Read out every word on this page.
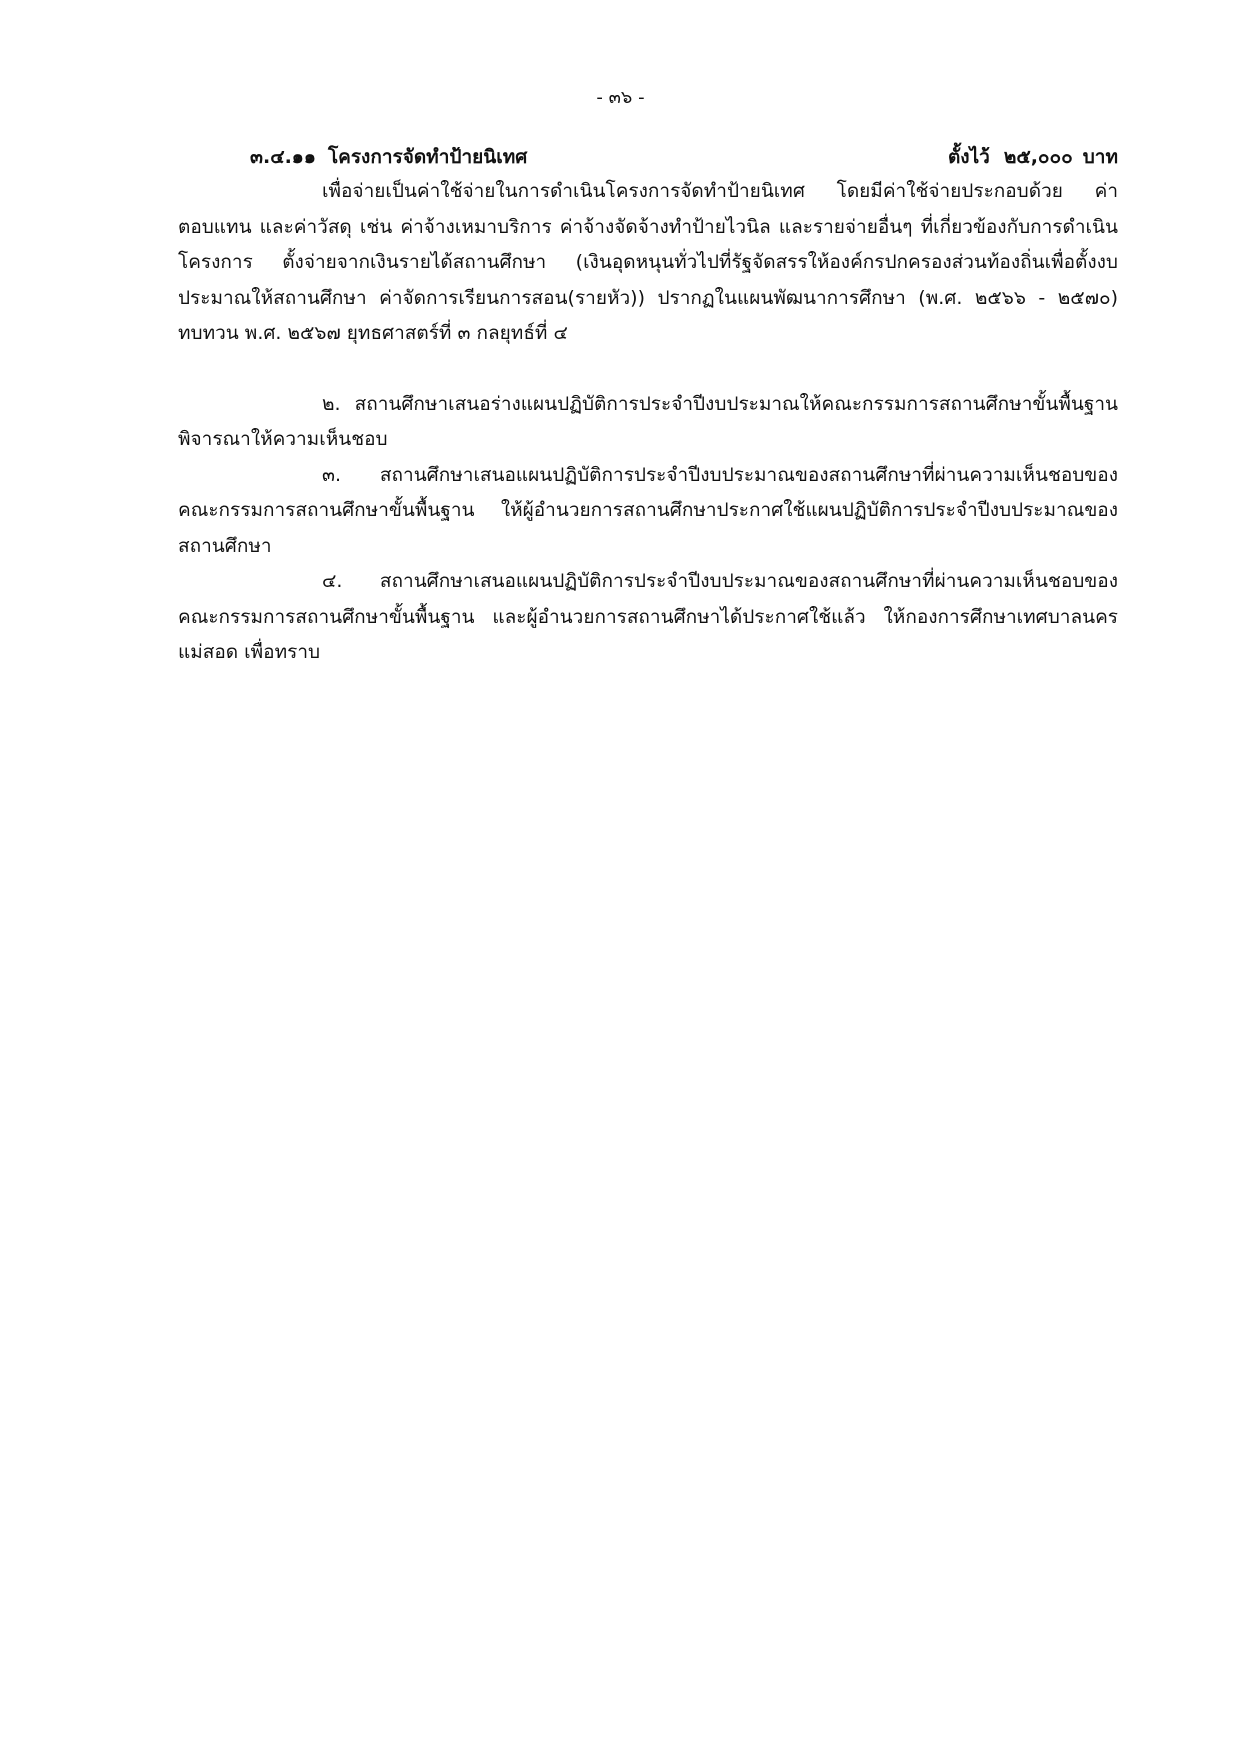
- ๓๖ -
๓.๔.๑๑ โครงการจัดทำป้ายนิเทศ	ตั้งไว้ ๒๕,๐๐๐ บาท

เพื่อจ่ายเป็นค่าใช้จ่ายในการดำเนินโครงการจัดทำป้ายนิเทศ โดยมีค่าใช้จ่ายประกอบด้วย ค่าตอบแทน และค่าวัสดุ เช่น ค่าจ้างเหมาบริการ ค่าจ้างจัดจ้างทำป้ายไวนิล และรายจ่ายอื่นๆ ที่เกี่ยวข้องกับการดำเนินโครงการ ตั้งจ่ายจากเงินรายได้สถานศึกษา (เงินอุดหนุนทั่วไปที่รัฐจัดสรรให้องค์กรปกครองส่วนท้องถิ่นเพื่อตั้งงบประมาณให้สถานศึกษา ค่าจัดการเรียนการสอน(รายหัว)) ปรากฏในแผนพัฒนาการศึกษา (พ.ศ. ๒๕๖๖ - ๒๕๗๐) ทบทวน พ.ศ. ๒๕๖๗ ยุทธศาสตร์ที่ ๓ กลยุทธ์ที่ ๔

๒. สถานศึกษาเสนอร่างแผนปฏิบัติการประจำปีงบประมาณให้คณะกรรมการสถานศึกษาขั้นพื้นฐานพิจารณาให้ความเห็นชอบ

๓. สถานศึกษาเสนอแผนปฏิบัติการประจำปีงบประมาณของสถานศึกษาที่ผ่านความเห็นชอบของคณะกรรมการสถานศึกษาขั้นพื้นฐาน ให้ผู้อำนวยการสถานศึกษาประกาศใช้แผนปฏิบัติการประจำปีงบประมาณของสถานศึกษา

๔. สถานศึกษาเสนอแผนปฏิบัติการประจำปีงบประมาณของสถานศึกษาที่ผ่านความเห็นชอบของคณะกรรมการสถานศึกษาขั้นพื้นฐาน และผู้อำนวยการสถานศึกษาได้ประกาศใช้แล้ว ให้กองการศึกษาเทศบาลนครแม่สอด เพื่อทราบ
